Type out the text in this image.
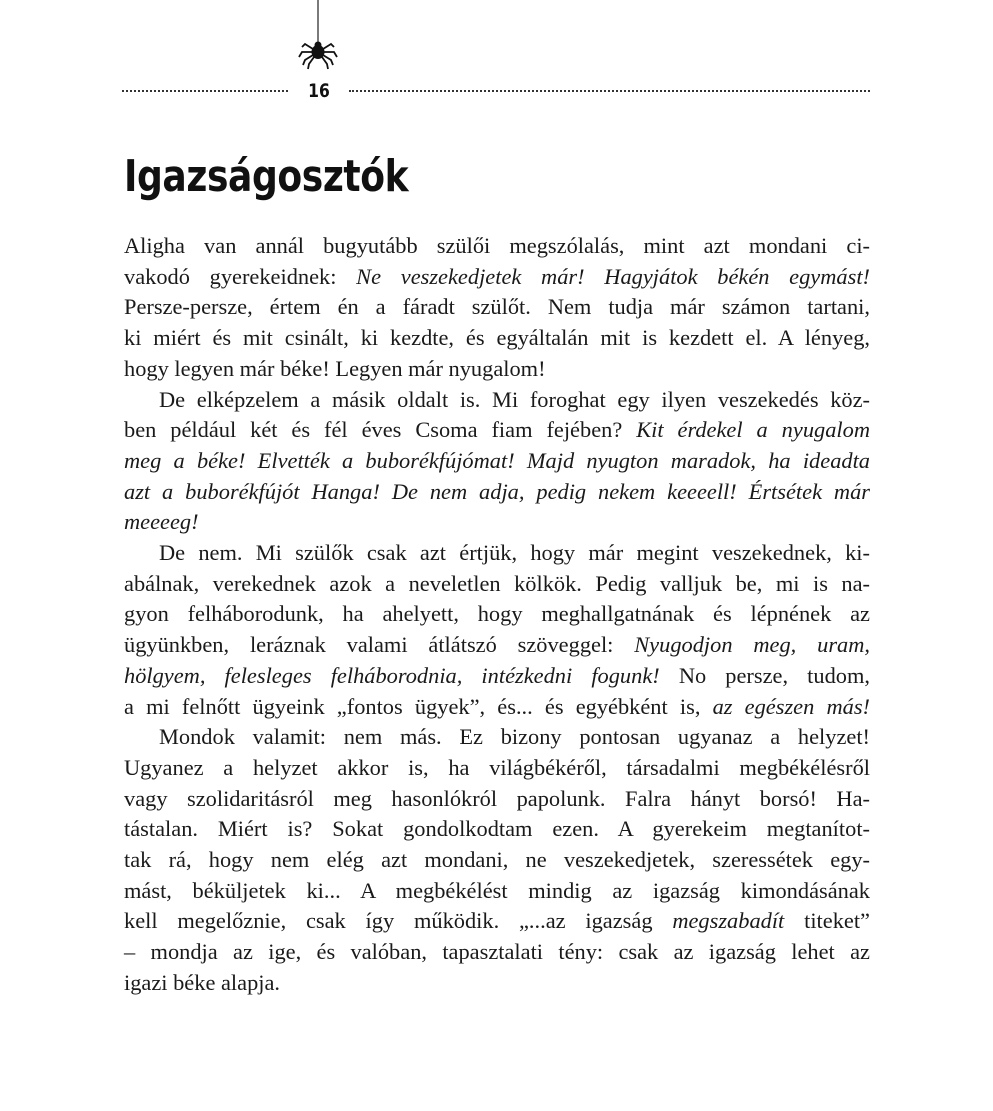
16
Igazságosztók
Aligha van annál bugyutább szülői megszólalás, mint azt mondani ci-
vakodó gyerekeidnek: Ne veszekedjetek már! Hagyjátok békén egymást!
Persze-persze, értem én a fáradt szülőt. Nem tudja már számon tartani,
ki miért és mit csinált, ki kezdte, és egyáltalán mit is kezdett el. A lényeg,
hogy legyen már béke! Legyen már nyugalom!
De elképzelem a másik oldalt is. Mi foroghat egy ilyen veszekedés köz-
ben például két és fél éves Csoma fiam fejében? Kit érdekel a nyugalom
meg a béke! Elvették a buborékfújómat! Majd nyugton maradok, ha ideadta
azt a buborékfújót Hanga! De nem adja, pedig nekem keeeell! Értsétek már
meeeeg!
De nem. Mi szülők csak azt értjük, hogy már megint veszekednek, ki-
abálnak, verekednek azok a neveletlen kölkök. Pedig valljuk be, mi is na-
gyon felháborodunk, ha ahelyett, hogy meghallgatnának és lépnének az
ügyünkben, leráznak valami átlátszó szöveggel: Nyugodjon meg, uram,
hölgyem, felesleges felháborodnia, intézkedni fogunk! No persze, tudom,
a mi felnőtt ügyeink „fontos ügyek”, és... és egyébként is, az egészen más!
Mondok valamit: nem más. Ez bizony pontosan ugyanaz a helyzet!
Ugyanez a helyzet akkor is, ha világbékéről, társadalmi megbékélésről
vagy szolidaritásról meg hasonlókról papolunk. Falra hányt borsó! Ha-
tástalan. Miért is? Sokat gondolkodtam ezen. A gyerekeim megtanítot-
tak rá, hogy nem elég azt mondani, ne veszekedjetek, szeressétek egy-
mást, béküljetek ki... A megbékélést mindig az igazság kimondásának
kell megelőznie, csak így működik. „...az igazság megszabadít titeket”
– mondja az ige, és valóban, tapasztalati tény: csak az igazság lehet az
igazi béke alapja.
